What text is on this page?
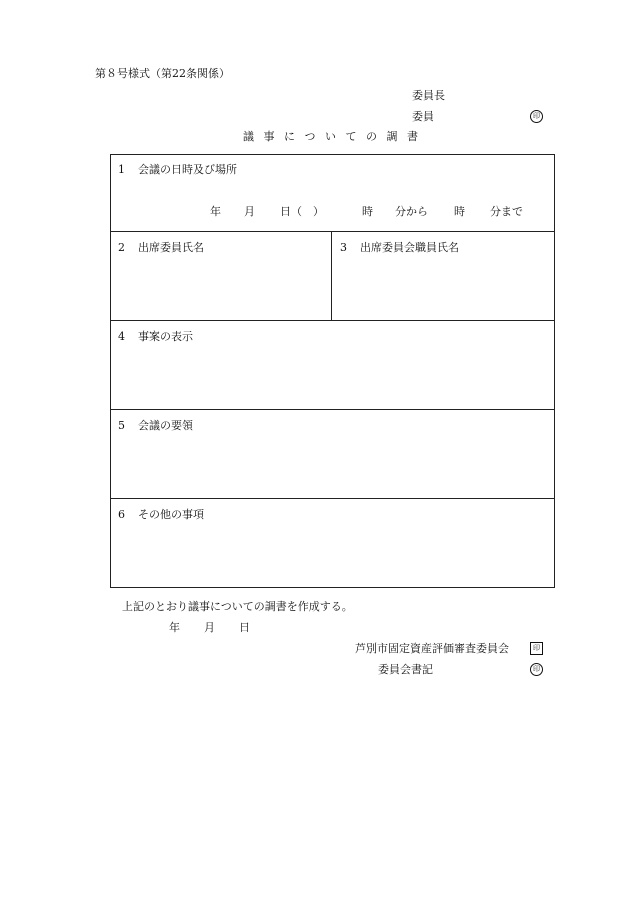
第８号様式（第22条関係）
委員長
委員	印
議 事 に つ い て の 調 書
1 会議の日時及び場所
年 月 日（　）	時 分から 時 分まで
2 出席委員氏名	3 出席委員会職員氏名
4 事案の表示
5 会議の要領
6 その他の事項
上記のとおり議事についての調書を作成する。
年 月 日
芦別市固定資産評価審査委員会	印
委員会書記	印
